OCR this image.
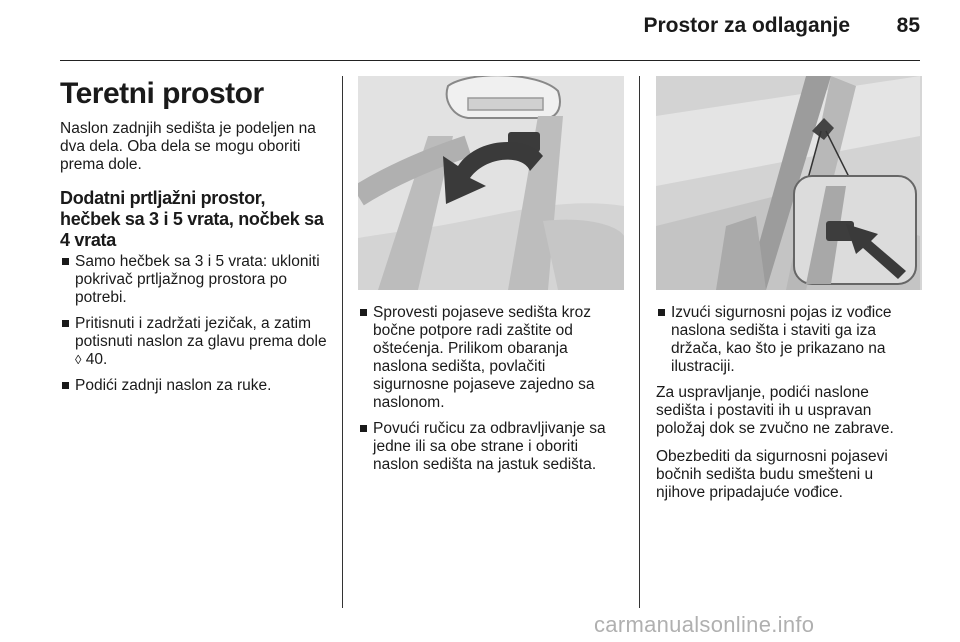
Prostor za odlaganje	85
Teretni prostor

Naslon zadnjih sedišta je podeljen na dva dela. Oba dela se mogu oboriti prema dole.

Dodatni prtljažni prostor, hečbek sa 3 i 5 vrata, nočbek sa 4 vrata
Samo hečbek sa 3 i 5 vrata: ukloniti pokrivač prtljažnog prostora po potrebi.
Pritisnuti i zadržati jezičak, a zatim potisnuti naslon za glavu prema dole ◊ 40.
Podići zadnji naslon za ruke.
Sprovesti pojaseve sedišta kroz bočne potpore radi zaštite od oštećenja. Prilikom obaranja naslona sedišta, povlačiti sigurnosne pojaseve zajedno sa naslonom.
Povući ručicu za odbravljivanje sa jedne ili sa obe strane i oboriti naslon sedišta na jastuk sedišta.
Izvući sigurnosni pojas iz vođice naslona sedišta i staviti ga iza držača, kao što je prikazano na ilustraciji.

Za uspravljanje, podići naslone sedišta i postaviti ih u uspravan položaj dok se zvučno ne zabrave.

Obezbediti da sigurnosni pojasevi bočnih sedišta budu smešteni u njihove pripadajuće vođice.

carmanualsonline.info
